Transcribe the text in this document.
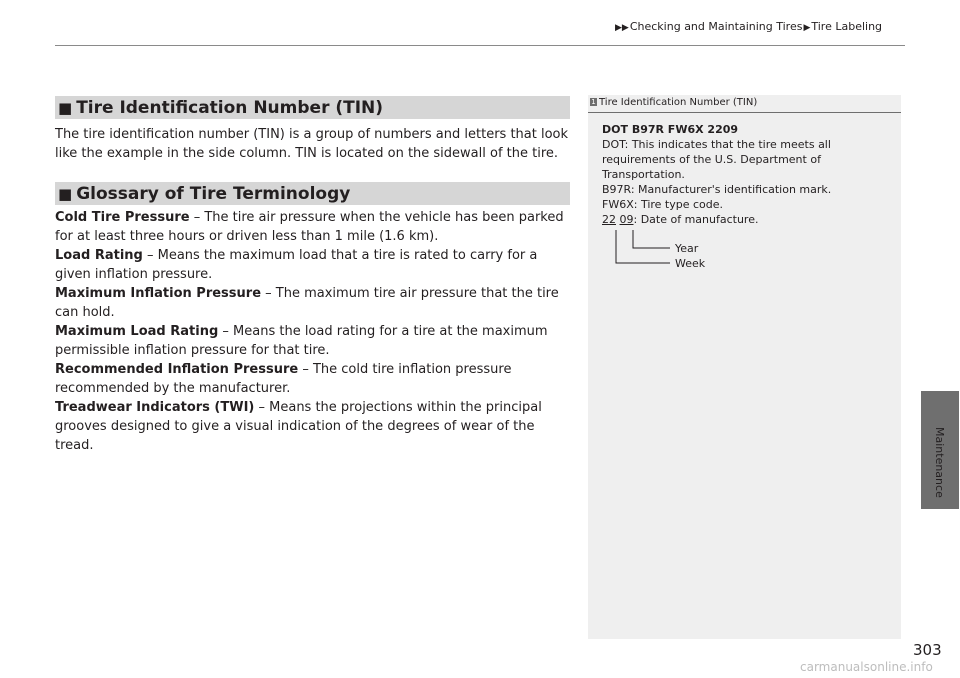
▶▶Checking and Maintaining Tires▶Tire Labeling
■ Tire Identification Number (TIN)

The tire identification number (TIN) is a group of numbers and letters that look like the example in the side column. TIN is located on the sidewall of the tire.

■ Glossary of Tire Terminology

Cold Tire Pressure – The tire air pressure when the vehicle has been parked for at least three hours or driven less than 1 mile (1.6 km).

Load Rating – Means the maximum load that a tire is rated to carry for a given inflation pressure.

Maximum Inflation Pressure – The maximum tire air pressure that the tire can hold.

Maximum Load Rating – Means the load rating for a tire at the maximum permissible inflation pressure for that tire.

Recommended Inflation Pressure – The cold tire inflation pressure recommended by the manufacturer.

Treadwear Indicators (TWI) – Means the projections within the principal grooves designed to give a visual indication of the degrees of wear of the tread.

1 Tire Identification Number (TIN)
DOT B97R FW6X 2209
DOT: This indicates that the tire meets all requirements of the U.S. Department of Transportation.
B97R: Manufacturer's identification mark.
FW6X: Tire type code.
22 09: Date of manufacture.
Year
Week
Maintenance
303
carmanualsonline.info
